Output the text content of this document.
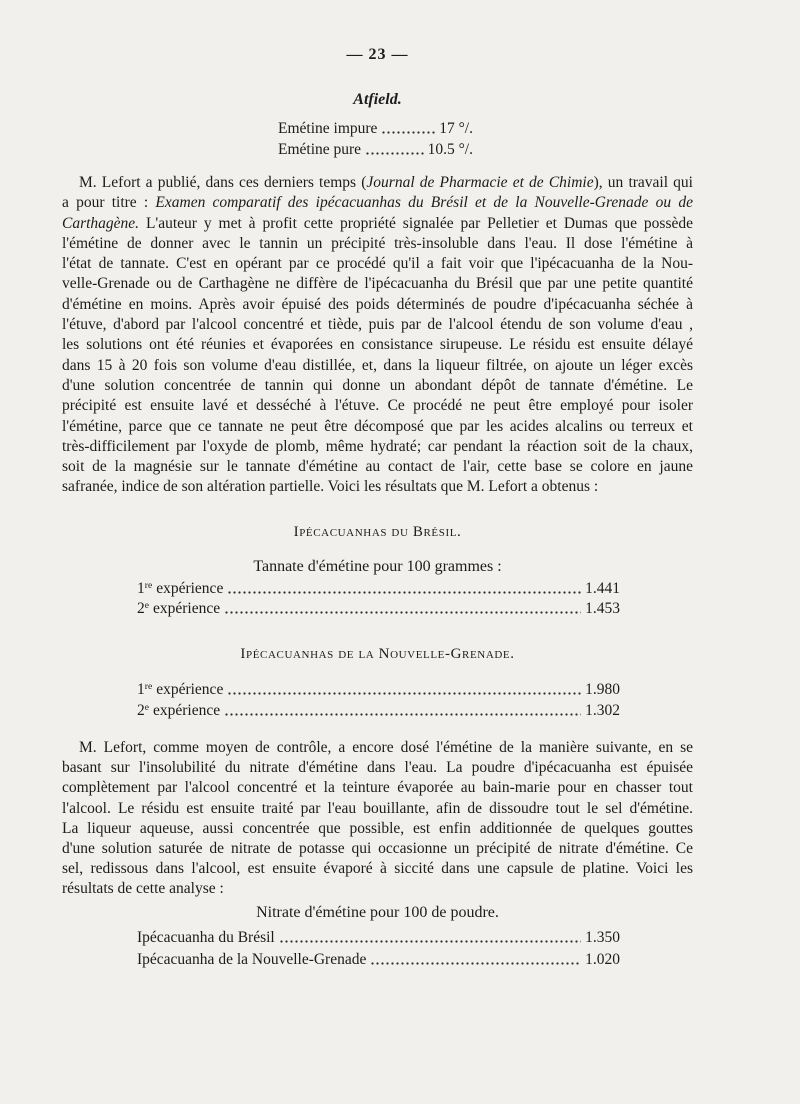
— 23 —
Atfield.
Emétine impure	17 °/.
Emétine pure	10.5 °/.
M. Lefort a publié, dans ces derniers temps (Journal de Pharmacie et de Chimie), un travail qui
a pour titre : Examen comparatif des ipécacuanhas du Brésil et de la Nouvelle-Grenade ou de
Carthagène. L'auteur y met à profit cette propriété signalée par Pelletier et Dumas que possède
l'émétine de donner avec le tannin un précipité très-insoluble dans l'eau. Il dose l'émétine à
l'état de tannate. C'est en opérant par ce procédé qu'il a fait voir que l'ipécacuanha de la Nou-
velle-Grenade ou de Carthagène ne diffère de l'ipécacuanha du Brésil que par une petite quantité
d'émétine en moins. Après avoir épuisé des poids déterminés de poudre d'ipécacuanha séchée à
l'étuve, d'abord par l'alcool concentré et tiède, puis par de l'alcool étendu de son volume d'eau ,
les solutions ont été réunies et évaporées en consistance sirupeuse. Le résidu est ensuite délayé
dans 15 à 20 fois son volume d'eau distillée, et, dans la liqueur filtrée, on ajoute un léger excès
d'une solution concentrée de tannin qui donne un abondant dépôt de tannate d'émétine. Le
précipité est ensuite lavé et desséché à l'étuve. Ce procédé ne peut être employé pour isoler
l'émétine, parce que ce tannate ne peut être décomposé que par les acides alcalins ou terreux et
très-difficilement par l'oxyde de plomb, même hydraté; car pendant la réaction soit de la chaux,
soit de la magnésie sur le tannate d'émétine au contact de l'air, cette base se colore en jaune
safranée, indice de son altération partielle. Voici les résultats que M. Lefort a obtenus :
Ipécacuanhas du Brésil.
Tannate d'émétine pour 100 grammes :
1re expérience	1.441
2e expérience	1.453
Ipécacuanhas de la Nouvelle-Grenade.
1re expérience	1.980
2e expérience	1.302
M. Lefort, comme moyen de contrôle, a encore dosé l'émétine de la manière suivante, en se
basant sur l'insolubilité du nitrate d'émétine dans l'eau. La poudre d'ipécacuanha est épuisée
complètement par l'alcool concentré et la teinture évaporée au bain-marie pour en chasser tout
l'alcool. Le résidu est ensuite traité par l'eau bouillante, afin de dissoudre tout le sel d'émétine.
La liqueur aqueuse, aussi concentrée que possible, est enfin additionnée de quelques gouttes
d'une solution saturée de nitrate de potasse qui occasionne un précipité de nitrate d'émétine. Ce
sel, redissous dans l'alcool, est ensuite évaporé à siccité dans une capsule de platine. Voici les
résultats de cette analyse :
Nitrate d'émétine pour 100 de poudre.
Ipécacuanha du Brésil	1.350
Ipécacuanha de la Nouvelle-Grenade	1.020
